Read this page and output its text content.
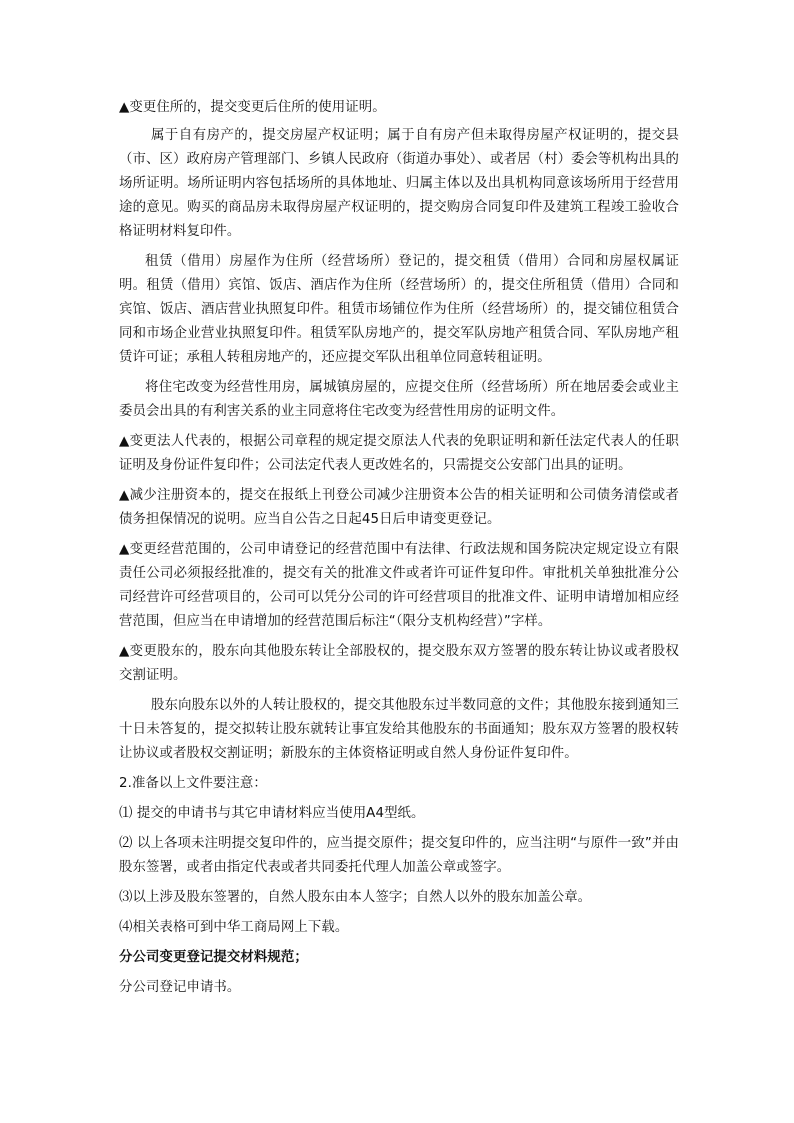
▲变更住所的，提交变更后住所的使用证明。

属于自有房产的，提交房屋产权证明；属于自有房产但未取得房屋产权证明的，提交县（市、区）政府房产管理部门、乡镇人民政府（街道办事处）、或者居（村）委会等机构出具的场所证明。场所证明内容包括场所的具体地址、归属主体以及出具机构同意该场所用于经营用途的意见。购买的商品房未取得房屋产权证明的，提交购房合同复印件及建筑工程竣工验收合格证明材料复印件。

租赁（借用）房屋作为住所（经营场所）登记的，提交租赁（借用）合同和房屋权属证明。租赁（借用）宾馆、饭店、酒店作为住所（经营场所）的，提交住所租赁（借用）合同和宾馆、饭店、酒店营业执照复印件。租赁市场铺位作为住所（经营场所）的，提交铺位租赁合同和市场企业营业执照复印件。租赁军队房地产的，提交军队房地产租赁合同、军队房地产租赁许可证；承租人转租房地产的，还应提交军队出租单位同意转租证明。

将住宅改变为经营性用房，属城镇房屋的，应提交住所（经营场所）所在地居委会或业主委员会出具的有利害关系的业主同意将住宅改变为经营性用房的证明文件。

▲变更法人代表的，根据公司章程的规定提交原法人代表的免职证明和新任法定代表人的任职证明及身份证件复印件；公司法定代表人更改姓名的，只需提交公安部门出具的证明。

▲减少注册资本的，提交在报纸上刊登公司减少注册资本公告的相关证明和公司债务清偿或者债务担保情况的说明。应当自公告之日起45日后申请变更登记。

▲变更经营范围的，公司申请登记的经营范围中有法律、行政法规和国务院决定规定设立有限责任公司必须报经批准的，提交有关的批准文件或者许可证件复印件。审批机关单独批准分公司经营许可经营项目的，公司可以凭分公司的许可经营项目的批准文件、证明申请增加相应经营范围，但应当在申请增加的经营范围后标注“（限分支机构经营）”字样。

▲变更股东的，股东向其他股东转让全部股权的，提交股东双方签署的股东转让协议或者股权交割证明。

股东向股东以外的人转让股权的，提交其他股东过半数同意的文件；其他股东接到通知三十日未答复的，提交拟转让股东就转让事宜发给其他股东的书面通知；股东双方签署的股权转让协议或者股权交割证明；新股东的主体资格证明或自然人身份证件复印件。

2.准备以上文件要注意：

⑴ 提交的申请书与其它申请材料应当使用A4型纸。

⑵ 以上各项未注明提交复印件的，应当提交原件；提交复印件的，应当注明“与原件一致”并由股东签署，或者由指定代表或者共同委托代理人加盖公章或签字。

⑶以上涉及股东签署的，自然人股东由本人签字；自然人以外的股东加盖公章。

⑷相关表格可到中华工商局网上下载。

分公司变更登记提交材料规范；

分公司登记申请书。
